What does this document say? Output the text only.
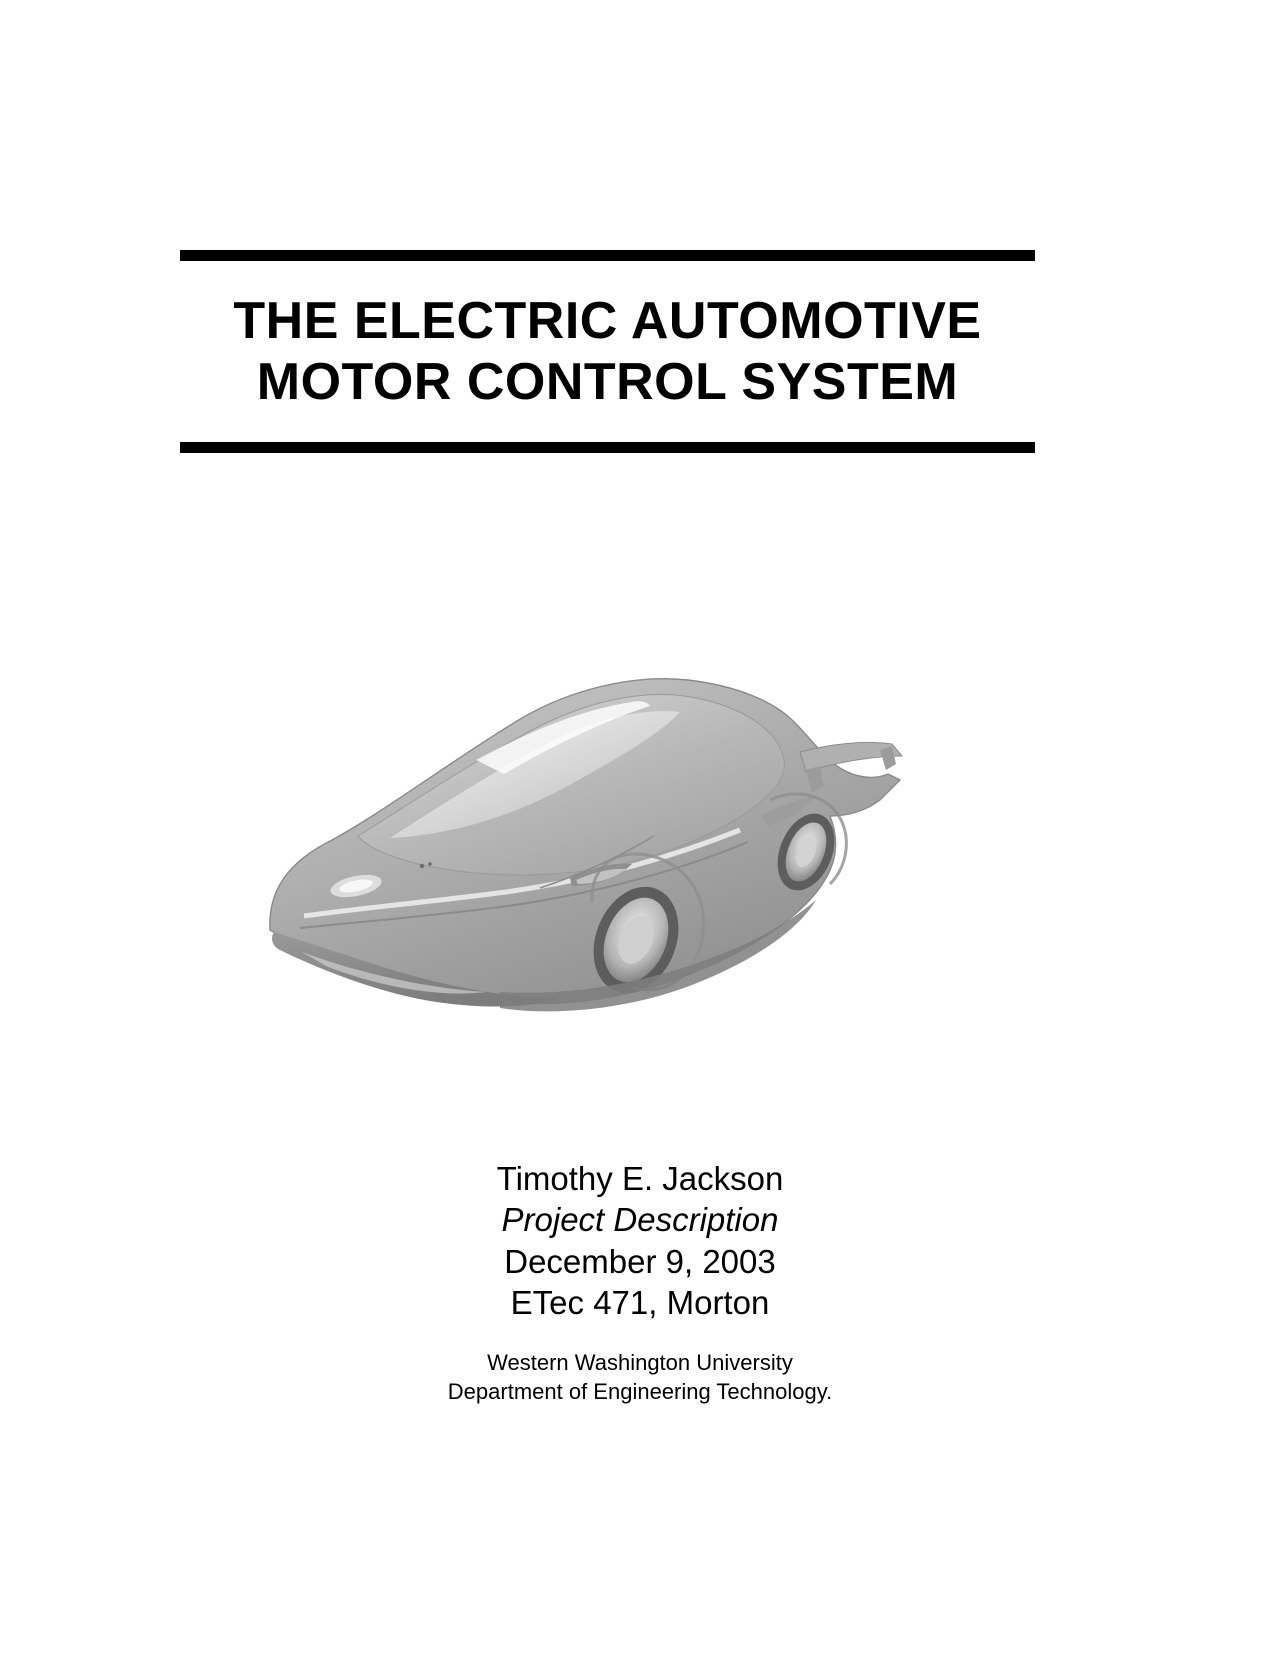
THE ELECTRIC AUTOMOTIVE
MOTOR CONTROL SYSTEM
Timothy E. Jackson
Project Description
December 9, 2003
ETec 471, Morton
Western Washington University
Department of Engineering Technology.
